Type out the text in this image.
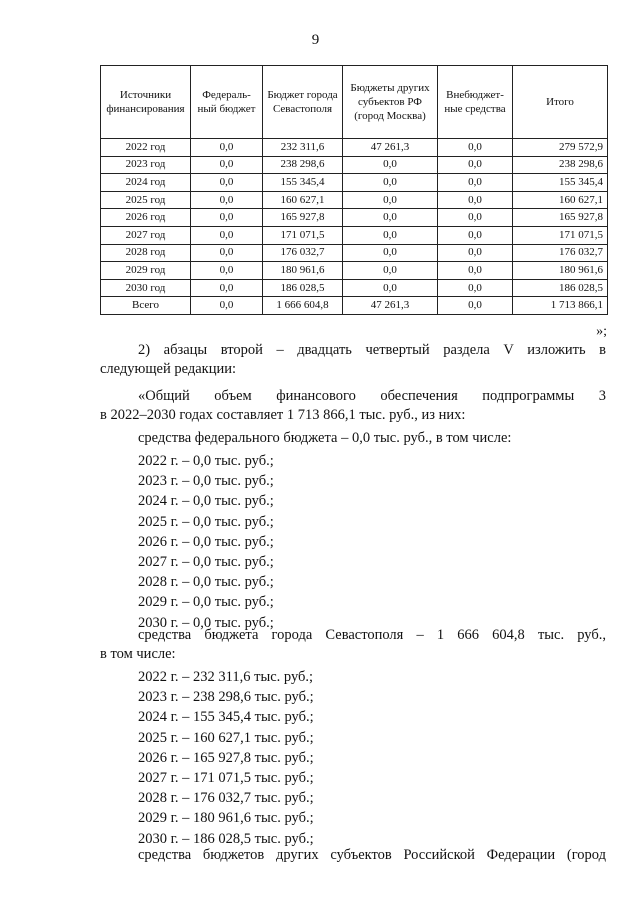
9
Источники финансирования	Федераль-ный бюджет	Бюджет города Севастополя	Бюджеты других субъектов РФ (город Москва)	Внебюджет-ные средства	Итого
2022 год	0,0	232 311,6	47 261,3	0,0	279 572,9
2023 год	0,0	238 298,6	0,0	0,0	238 298,6
2024 год	0,0	155 345,4	0,0	0,0	155 345,4
2025 год	0,0	160 627,1	0,0	0,0	160 627,1
2026 год	0,0	165 927,8	0,0	0,0	165 927,8
2027 год	0,0	171 071,5	0,0	0,0	171 071,5
2028 год	0,0	176 032,7	0,0	0,0	176 032,7
2029 год	0,0	180 961,6	0,0	0,0	180 961,6
2030 год	0,0	186 028,5	0,0	0,0	186 028,5
Всего	0,0	1 666 604,8	47 261,3	0,0	1 713 866,1
»;
2) абзацы второй – двадцать четвертый раздела V изложить в
следующей редакции:
«Общий объем финансового обеспечения подпрограммы 3
в 2022–2030 годах составляет 1 713 866,1 тыс. руб., из них:
средства федерального бюджета – 0,0 тыс. руб., в том числе:
2022 г. – 0,0 тыс. руб.;
2023 г. – 0,0 тыс. руб.;
2024 г. – 0,0 тыс. руб.;
2025 г. – 0,0 тыс. руб.;
2026 г. – 0,0 тыс. руб.;
2027 г. – 0,0 тыс. руб.;
2028 г. – 0,0 тыс. руб.;
2029 г. – 0,0 тыс. руб.;
2030 г. – 0,0 тыс. руб.;
средства бюджета города Севастополя – 1 666 604,8 тыс. руб.,
в том числе:
2022 г. – 232 311,6 тыс. руб.;
2023 г. – 238 298,6 тыс. руб.;
2024 г. – 155 345,4 тыс. руб.;
2025 г. – 160 627,1 тыс. руб.;
2026 г. – 165 927,8 тыс. руб.;
2027 г. – 171 071,5 тыс. руб.;
2028 г. – 176 032,7 тыс. руб.;
2029 г. – 180 961,6 тыс. руб.;
2030 г. – 186 028,5 тыс. руб.;
средства бюджетов других субъектов Российской Федерации (город
